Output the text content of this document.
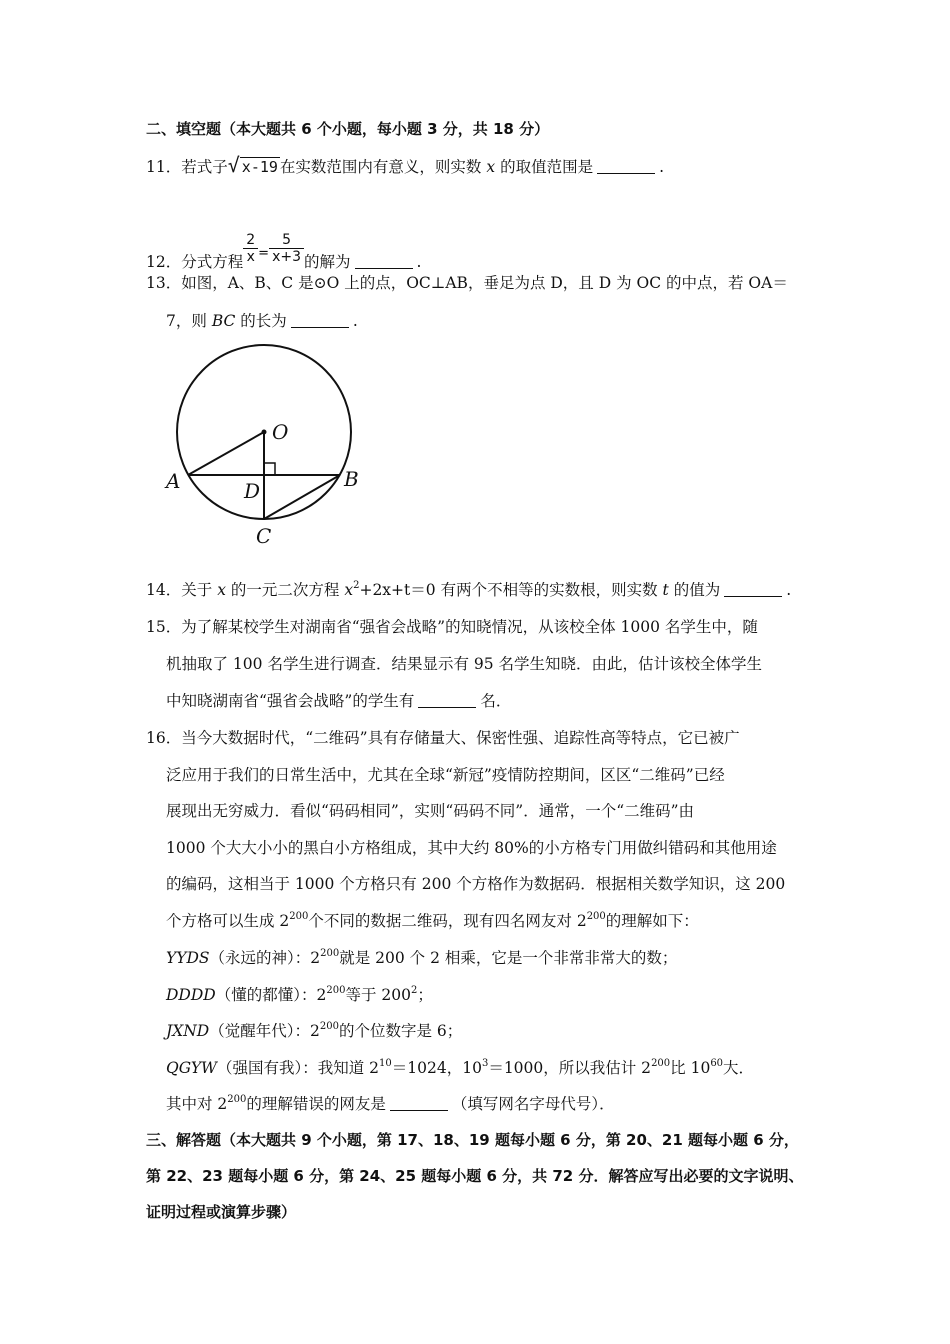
二、填空题（本大题共 6 个小题，每小题 3 分，共 18 分）
11．若式子√ x-19 在实数范围内有意义，则实数 x 的取值范围是	.
12．分式方程 $\frac{2}{x} ^= \frac{5}{x+3}$ 的解为	.
13．如图，A、B、C 是⊙O 上的点，OC⊥AB，垂足为点 D，且 D 为 OC 的中点，若 OA＝
7，则 BC 的长为	.
O
A	B
D
C
14．关于 x 的一元二次方程 $x^2+2x+t=0$ 有两个不相等的实数根，则实数 t 的值为	.
15．为了解某校学生对湖南省“强省会战略”的知晓情况，从该校全体 1000 名学生中，随
机抽取了 100 名学生进行调查．结果显示有 95 名学生知晓．由此，估计该校全体学生
中知晓湖南省“强省会战略”的学生有	名．
16．当今大数据时代，“二维码”具有存储量大、保密性强、追踪性高等特点，它已被广
泛应用于我们的日常生活中，尤其在全球“新冠”疫情防控期间，区区“二维码”已经
展现出无穷威力．看似“码码相同”，实则“码码不同”．通常，一个“二维码”由
1000 个大大小小的黑白小方格组成，其中大约 80%的小方格专门用做纠错码和其他用途
的编码，这相当于 1000 个方格只有 200 个方格作为数据码．根据相关数学知识，这 200
个方格可以生成 $2^{200}$个不同的数据二维码，现有四名网友对 $2^{200}$的理解如下：
YYDS（永远的神）：$2^{200}$就是 200 个 2 相乘，它是一个非常非常大的数；
DDDD（懂的都懂）：$2^{200}$等于 $200^2$；
JXND（觉醒年代）：$2^{200}$的个位数字是 6；
QGYW（强国有我）：我知道 $2^{10}=1024$，$10^3=1000$，所以我估计 $2^{200}$比 $10^{60}$大．
其中对 $2^{200}$的理解错误的网友是	（填写网名字母代号）．
三、解答题（本大题共 9 个小题，第 17、18、19 题每小题 6 分，第 20、21 题每小题 6 分，
第 22、23 题每小题 6 分，第 24、25 题每小题 6 分，共 72 分．解答应写出必要的文字说明、
证明过程或演算步骤）
